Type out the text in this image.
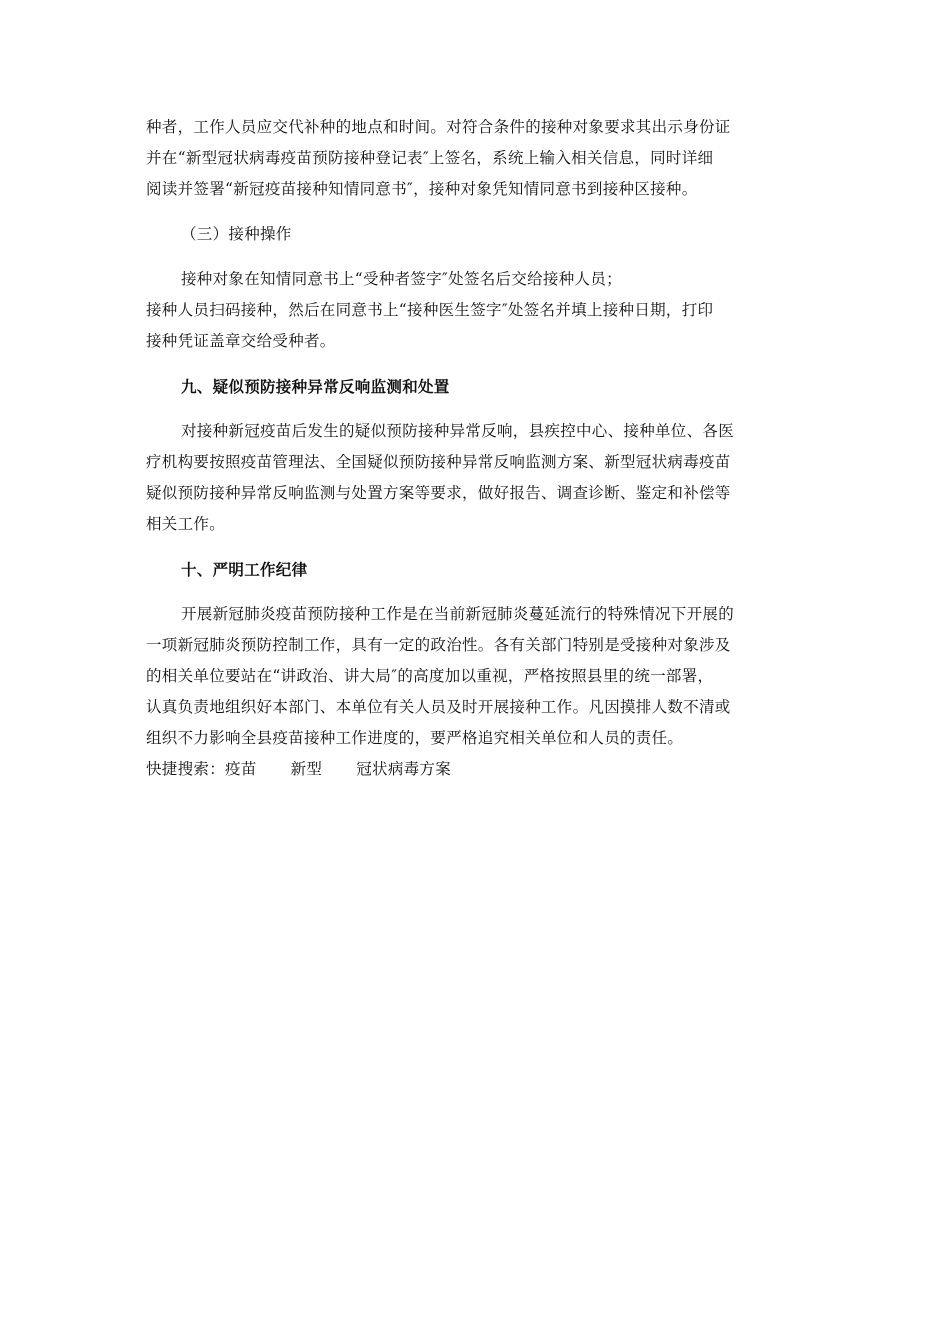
种者，工作人员应交代补种的地点和时间。对符合条件的接种对象要求其出示身份证
并在“新型冠状病毒疫苗预防接种登记表″上签名，系统上输入相关信息，同时详细
阅读并签署“新冠疫苗接种知情同意书″，接种对象凭知情同意书到接种区接种。
（三）接种操作
接种对象在知情同意书上“受种者签字″处签名后交给接种人员；
接种人员扫码接种，然后在同意书上“接种医生签字″处签名并填上接种日期，打印
接种凭证盖章交给受种者。
九、疑似预防接种异常反响监测和处置
对接种新冠疫苗后发生的疑似预防接种异常反响，县疾控中心、接种单位、各医
疗机构要按照疫苗管理法、全国疑似预防接种异常反响监测方案、新型冠状病毒疫苗
疑似预防接种异常反响监测与处置方案等要求，做好报告、调查诊断、鉴定和补偿等
相关工作。
十、严明工作纪律
开展新冠肺炎疫苗预防接种工作是在当前新冠肺炎蔓延流行的特殊情况下开展的
一项新冠肺炎预防控制工作，具有一定的政治性。各有关部门特别是受接种对象涉及
的相关单位要站在“讲政治、讲大局″的高度加以重视，严格按照县里的统一部署，
认真负责地组织好本部门、本单位有关人员及时开展接种工作。凡因摸排人数不清或
组织不力影响全县疫苗接种工作进度的，要严格追究相关单位和人员的责任。
快捷搜索： 疫苗 新型 冠状病毒方案
